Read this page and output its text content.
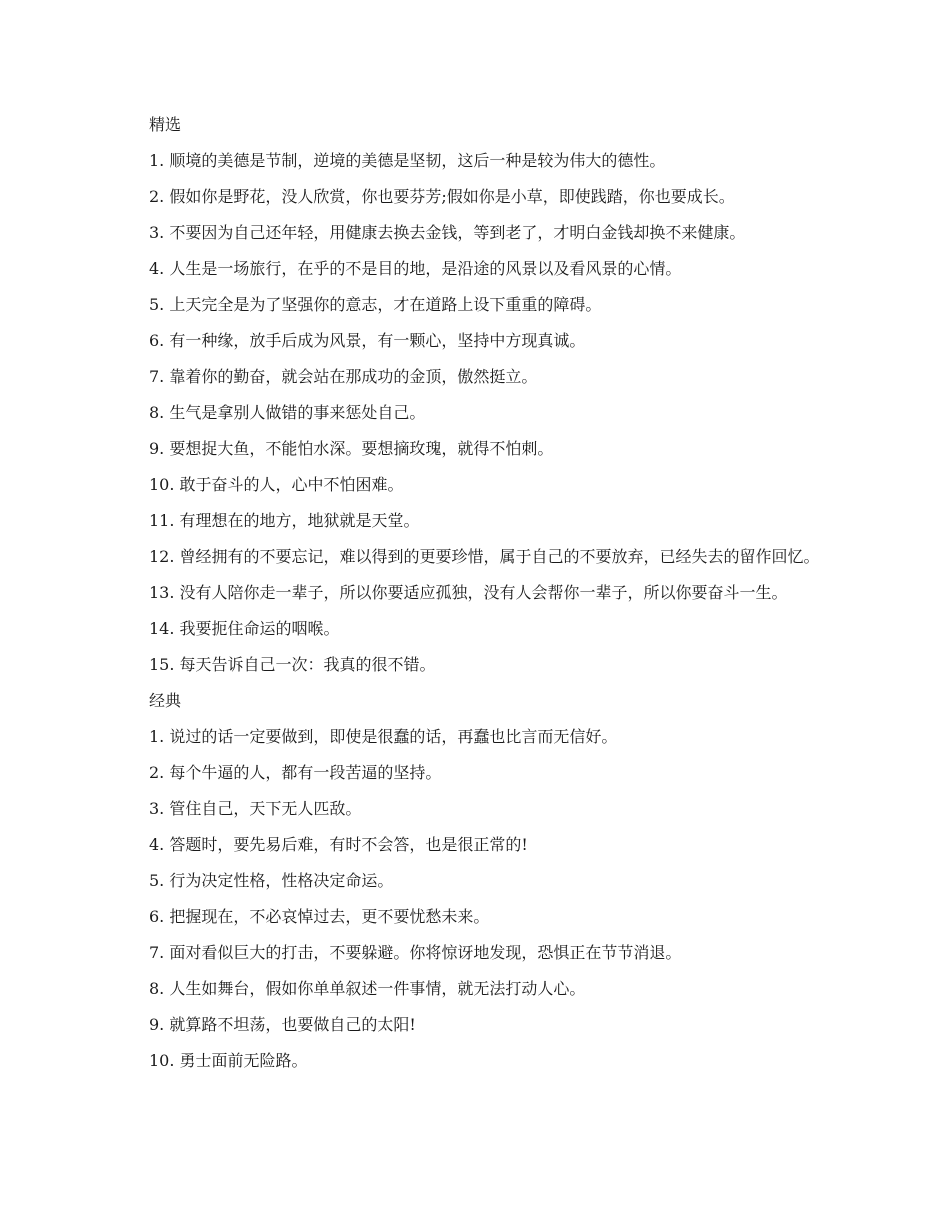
精选

1. 顺境的美德是节制，逆境的美德是坚韧，这后一种是较为伟大的德性。

2. 假如你是野花，没人欣赏，你也要芬芳;假如你是小草，即使践踏，你也要成长。

3. 不要因为自己还年轻，用健康去换去金钱，等到老了，才明白金钱却换不来健康。

4. 人生是一场旅行，在乎的不是目的地，是沿途的风景以及看风景的心情。

5. 上天完全是为了坚强你的意志，才在道路上设下重重的障碍。

6. 有一种缘，放手后成为风景，有一颗心，坚持中方现真诚。

7. 靠着你的勤奋，就会站在那成功的金顶，傲然挺立。

8. 生气是拿别人做错的事来惩处自己。

9. 要想捉大鱼，不能怕水深。要想摘玫瑰，就得不怕刺。

10. 敢于奋斗的人，心中不怕困难。

11. 有理想在的地方，地狱就是天堂。

12. 曾经拥有的不要忘记，难以得到的更要珍惜，属于自己的不要放弃，已经失去的留作回忆。

13. 没有人陪你走一辈子，所以你要适应孤独，没有人会帮你一辈子，所以你要奋斗一生。

14. 我要扼住命运的咽喉。

15. 每天告诉自己一次：我真的很不错。

经典

1. 说过的话一定要做到，即使是很蠢的话，再蠢也比言而无信好。

2. 每个牛逼的人，都有一段苦逼的坚持。

3. 管住自己，天下无人匹敌。

4. 答题时，要先易后难，有时不会答，也是很正常的!

5. 行为决定性格，性格决定命运。

6. 把握现在，不必哀悼过去，更不要忧愁未来。

7. 面对看似巨大的打击，不要躲避。你将惊讶地发现，恐惧正在节节消退。

8. 人生如舞台，假如你单单叙述一件事情，就无法打动人心。

9. 就算路不坦荡，也要做自己的太阳!

10. 勇士面前无险路。
